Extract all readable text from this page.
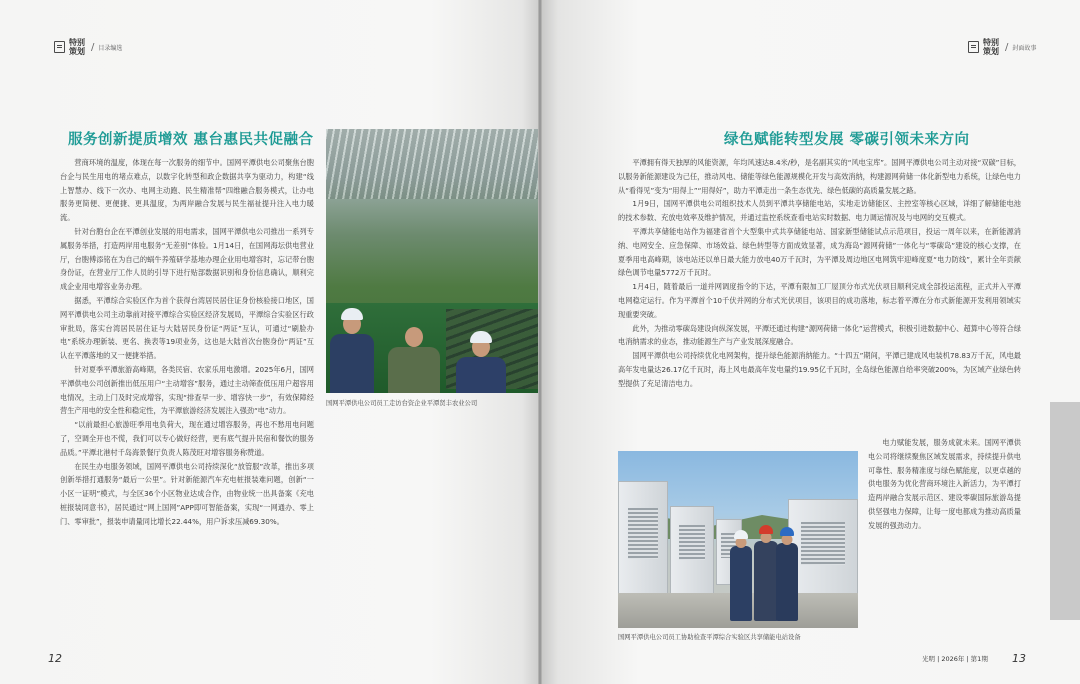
特别策划 / 目录编选
服务创新提质增效 惠台惠民共促融合

营商环境的温度，体现在每一次服务的细节中。国网平潭供电公司聚焦台胞台企与民生用电的堵点难点，以数字化转型和政企数据共享为驱动力，构建“线上智慧办、线下一次办、电网主动跑、民生精准帮”四维融合服务模式，让办电服务更简便、更便捷、更具温度，为两岸融合发展与民生福祉提升注入电力暖流。

针对台胞台企在平潭创业发展的用电需求，国网平潭供电公司推出一系列专属服务举措，打造两岸用电服务“无差别”体验。1月14日，在国网海坛供电营业厅，台胞傅添铭在为自己的蜗牛养殖研学基地办理企业用电增容时，忘记带台胞身份证，在营业厅工作人员的引导下进行贴部数据识别和身份信息确认，顺利完成企业用电增容业务办理。

据悉，平潭综合实验区作为首个获得台湾居民居住证身份核验接口地区，国网平潭供电公司主动靠前对接平潭综合实验区经济发展局，平潭综合实验区行政审批局，落实台湾居民居住证与大陆居民身份证“两证”互认，可通过“刷脸办电”系统办理新装、更名、换表等19项业务，这也是大陆首次台胞身份“两证”互认在平潭落地的又一便捷举措。

针对夏季平潭旅游高峰期，各类民宿、农家乐用电激增。2025年6月，国网平潭供电公司创新推出低压用户“主动增容”服务，通过主动筛查低压用户超容用电情况，主动上门及时完成增容，实现“排查早一步、增容快一步”，有效保障经营生产用电的安全性和稳定性，为平潭旅游经济发展注入强劲“电”动力。

“以前最担心旅游旺季用电负荷大，现在通过增容服务，再也不愁用电问题了，空调全开也不慌，我们可以专心做好经营，更有底气提升民宿和餐饮的服务品质。”平潭北港村千岛海景餐厅负责人陈茂旺对增容服务称赞道。

在民生办电服务领域，国网平潭供电公司持续深化“放管服”改革，推出多项创新举措打通服务“最后一公里”。针对新能源汽车充电桩报装难问题，创新“一小区一证明”模式，与全区36个小区物业达成合作，由物业统一出具备案《充电桩报装同意书》，居民通过“网上国网”APP即可智能备案，实现“一网通办、零上门、零审批”，报装申请量同比增长22.44%，用户诉求压减69.30%。

国网平潭供电公司员工走访台资企业平潭贤丰农业公司
12
特别策划 / 封面故事
绿色赋能转型发展 零碳引领未来方向

平潭拥有得天独厚的风能资源，年均风速达8.4米/秒，是名副其实的“风电宝库”。国网平潭供电公司主动对接“双碳”目标，以服务新能源建设为己任，推动风电、储能等绿色能源规模化开发与高效消纳，构建源网荷储一体化新型电力系统，让绿色电力从“看得见”变为“用得上”“用得好”，助力平潭走出一条生态优先、绿色低碳的高质量发展之路。

1月9日，国网平潭供电公司组织技术人员到平潭共享储能电站，实地走访储能区、主控室等核心区域，详细了解储能电池的技术参数、充放电效率及维护情况，并通过监控系统查看电站实时数据、电力调运情况及与电网的交互模式。

平潭共享储能电站作为福建省首个大型集中式共享储能电站、国家新型储能试点示范项目，投运一周年以来，在新能源消纳、电网安全、应急保障、市场效益、绿色转型等方面成效显著，成为海岛“源网荷储”一体化与“零碳岛”建设的核心支撑，在夏季用电高峰期，该电站还以单日最大能力放电40万千瓦时，为平潭及周边地区电网筑牢迎峰度夏“电力防线”，累计全年贡献绿色调节电量5772万千瓦时。

1月4日，随着最后一道并网调度指令的下达，平潭有限加工厂屋顶分布式光伏项目顺利完成全部投运流程，正式并入平潭电网稳定运行。作为平潭首个10千伏并网的分布式光伏项目，该项目的成功落地，标志着平潭在分布式新能源开发利用领域实现重要突破。

此外，为推动零碳岛建设向纵深发展，平潭还通过构建“源网荷储一体化”运营模式，积极引进数据中心、超算中心等符合绿电消纳需求的业态，推动能源生产与产业发展深度融合。

国网平潭供电公司持续优化电网架构，提升绿色能源消纳能力。“十四五”期间，平潭已建成风电装机78.83万千瓦，风电最高年发电量达26.17亿千瓦时，海上风电最高年发电量约19.95亿千瓦时，全岛绿色能源自给率突破200%，为区域产业绿色转型提供了充足清洁电力。

电力赋能发展，服务成就未来。国网平潭供电公司将继续聚焦区域发展需求，持续提升供电可靠性、服务精准度与绿色赋能度，以更卓越的供电服务为优化营商环境注入新活力，为平潭打造两岸融合发展示范区、建设零碳国际旅游岛提供坚强电力保障，让每一度电都成为推动高质量发展的强劲动力。

国网平潭供电公司员工协助检查平潭综合实验区共享储能电站设备
光明 | 2026年 | 第1期 13
